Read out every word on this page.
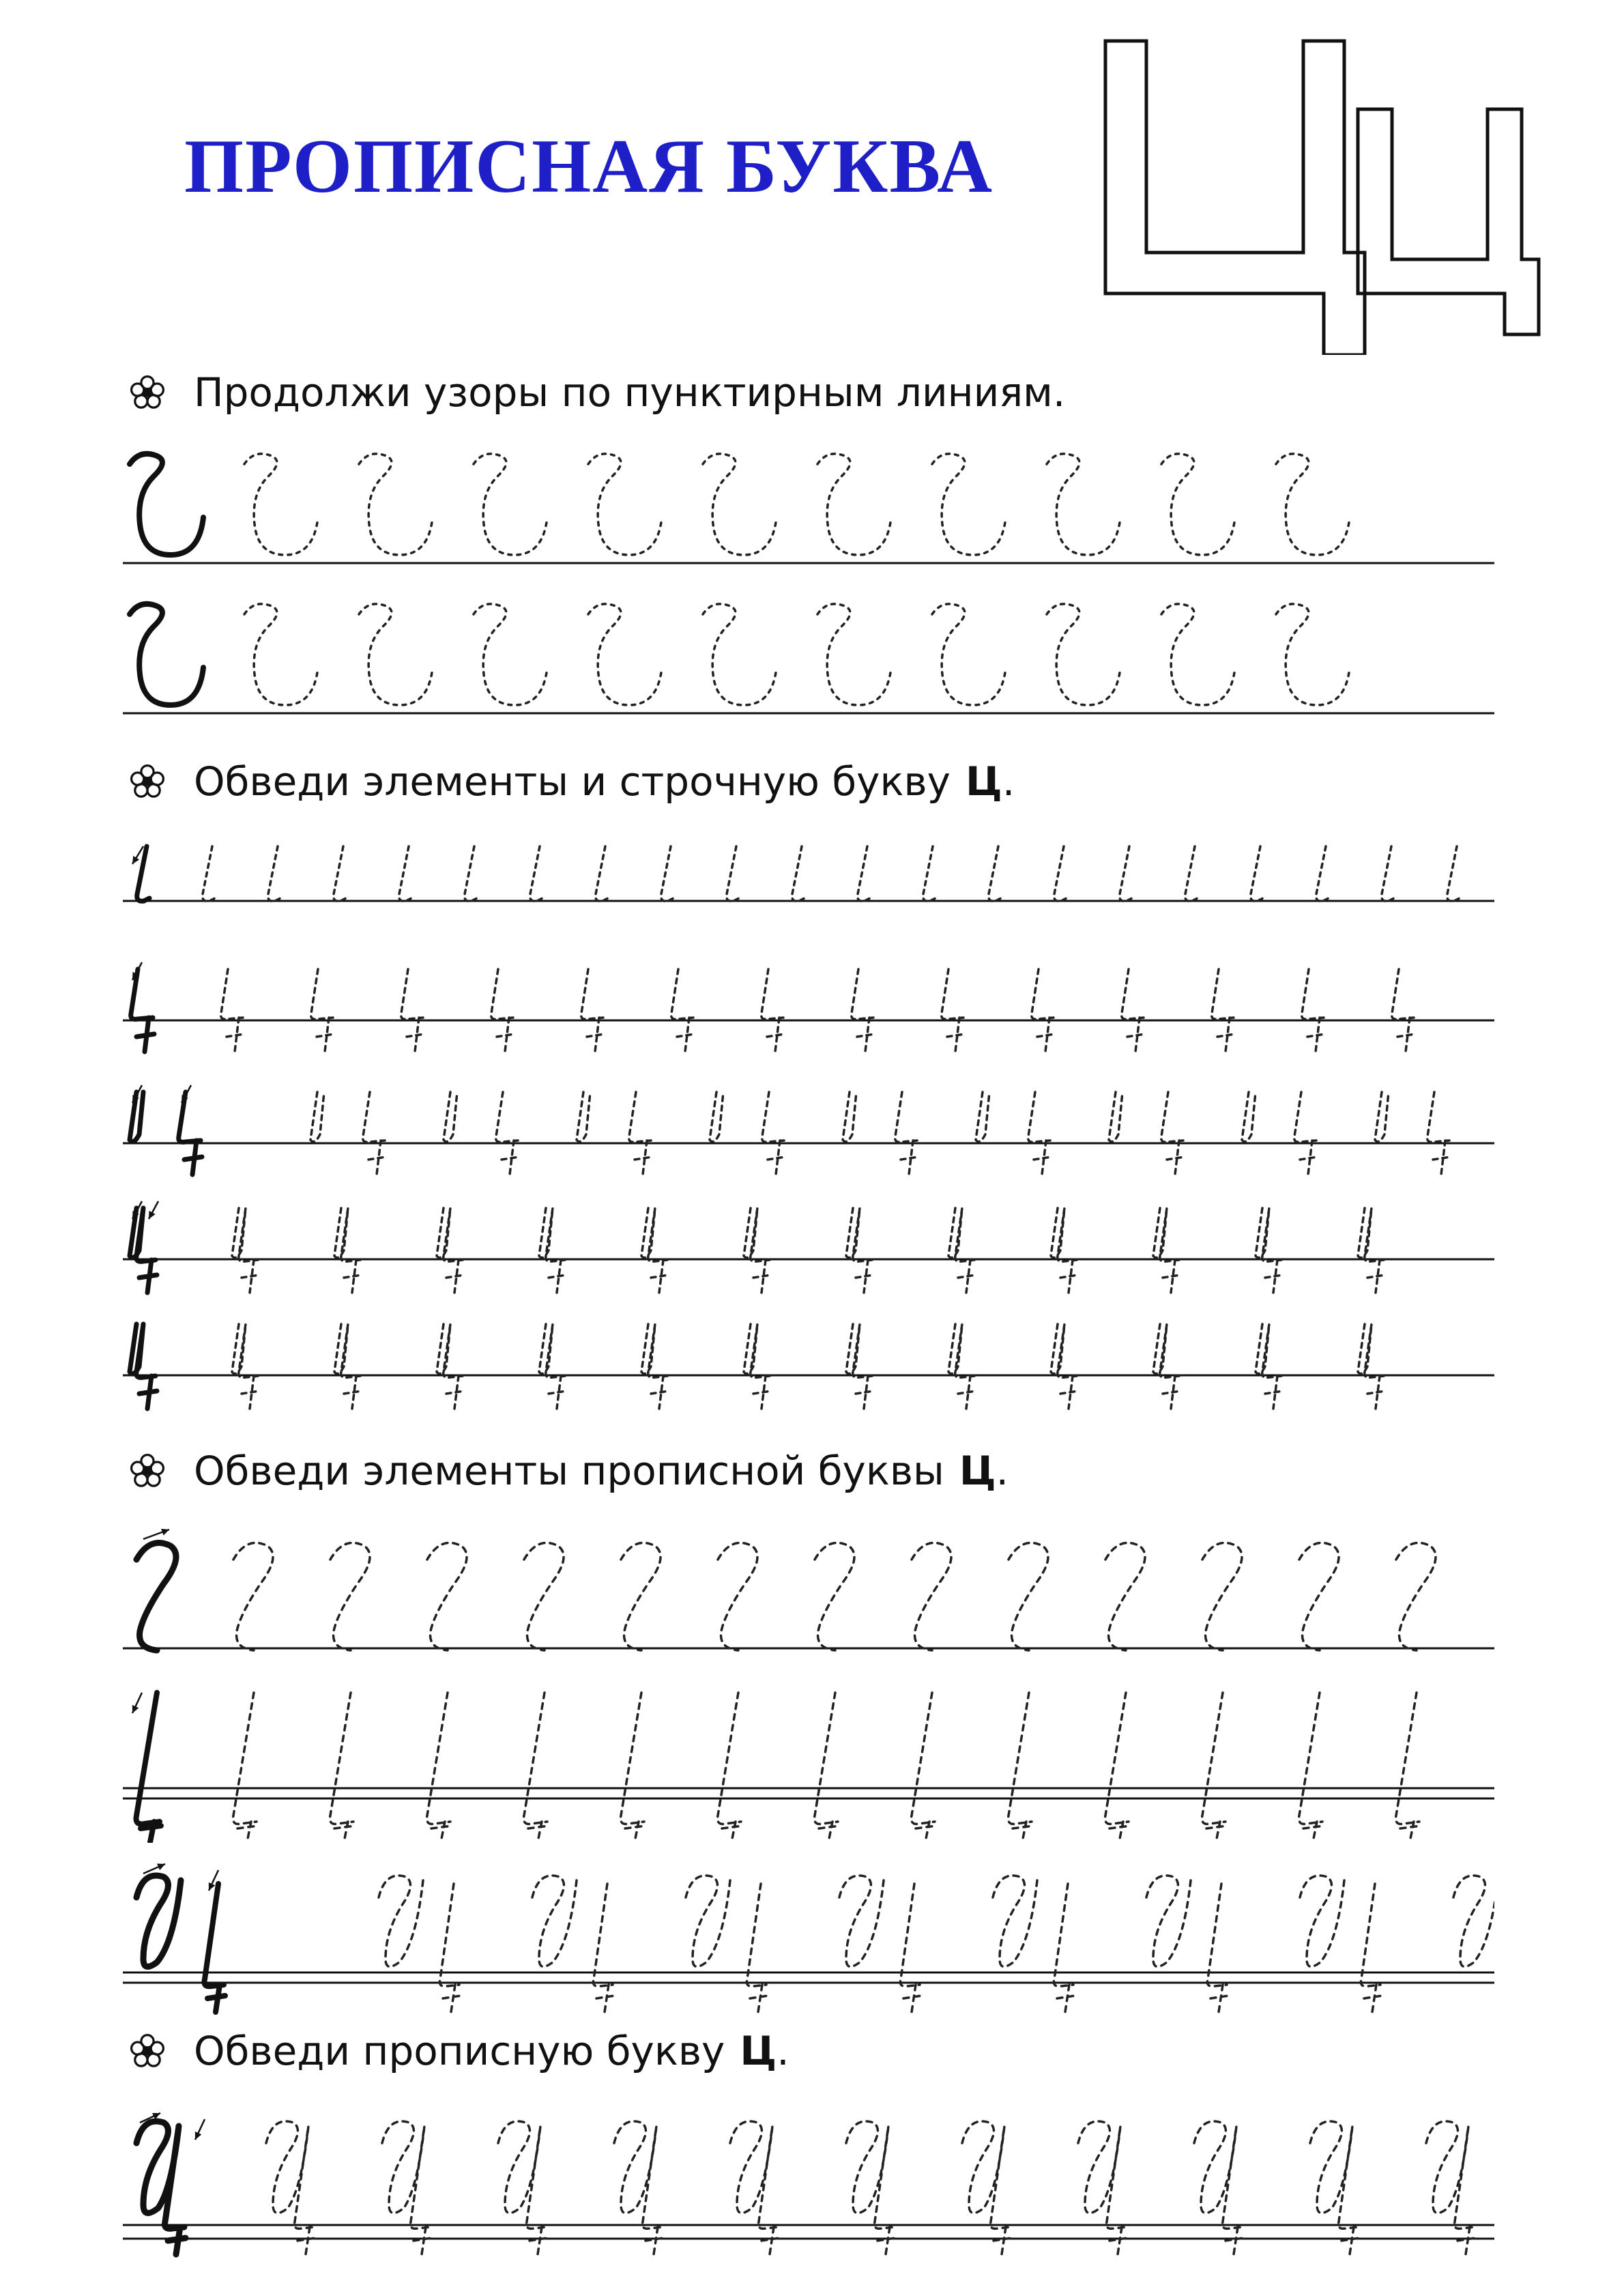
ПРОПИСНАЯ БУКВА
Продолжи узоры по пунктирным линиям.
Обведи элементы и строчную букву Ц.
Обведи элементы прописной буквы Ц.
Обведи прописную букву Ц.
